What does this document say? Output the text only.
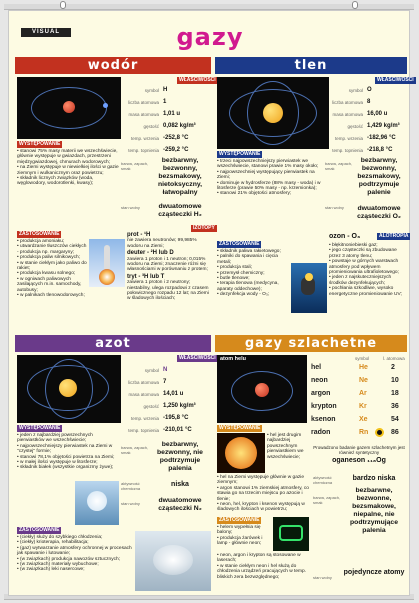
VISUAL	gazy
wodór
WŁAŚCIWOŚCI
symbol H
liczba atomowa 1
masa atomowa 1,01 u
gęstość 0,082 kg/m³
temp. wrzenia -252,8 °C
temp. topnienia -259,2 °C
barwa, zapach, smak
bezbarwny, bezwonny, bezsmakowy, nietoksyczny, łatwopalny
stan wolny	dwuatomowe cząsteczki H₂
WYSTĘPOWANIE
• stanowi 75% masy materii we wszechświecie, głównie występuje w gwiazdach, przestrzeni międzygwiazdowej, chmurach wodorowych;
• na Ziemi występuje w niewielkiej ilości w gazie ziemnym i wulkanicznym oraz powietrzu;
• składnik licznych związków (woda, węglowodory, wodorotlenki, kwasy);
ZASTOSOWANIE
• produkcja amoniaku;
• utwardzanie tłuszczów ciekłych - produkcja np. margaryny;
• produkcja paliw silnikowych;
• w stanie ciekłym jako paliwo do rakiet;
• produkcja kwasu solnego;
• w ogniwach paliwowych zasilających m.in. samochody, autobusy;
• w palnikach tlenowodorowych;
IZOTOPY
prot - ¹H
nie zawiera neutronów; 99,985% wodoru na Ziemi;
deuter - ²H lub D
zawiera 1 proton i 1 neutron; 0,015% wodoru na Ziemi; znaczenie różni się własnościami w porównaniu z protem;
tryt - ³H lub T
zawiera 1 proton i 2 neutrony; niestabilny, ulega rozpadowi z czasem połowicznego rozpadu 12 lat; na Ziemi w śladowych ilościach;
tlen
WŁAŚCIWOŚCI
symbol O
liczba atomowa 8
masa atomowa 16,00 u
gęstość 1,429 kg/m³
temp. wrzenia -182,96 °C
temp. topnienia -218,8 °C
barwa, zapach, smak
bezbarwny, bezwonny, bezsmakowy, podtrzymuje palenie
stan wolny	dwuatomowe cząsteczki O₂
WYSTĘPOWANIE
• trzeci najpowszechniejszy pierwiastek we wszechświecie, stanowi prawie 1% masy około;
• najpowszechniej występujący pierwiastek na Ziemi;
• dominuje w hydrosferze (88% masy - woda) i w litosferze (prawie 50% masy - np. krzemionka);
• stanowi 21% objętości atmosfery;
ZASTOSOWANIE
• składnik paliwa rakietowego;
• palniki do spawania i cięcia metali;
• produkcja stali;
• przemysł chemiczny;
• butle tlenowe;
• terapia tlenowa (medycyna, aparaty oddechowe);
• dezynfekcja wody - O₃;
ozon - O₃	ALOTROPIA
• błękitnoniebieski gaz;
• jego cząsteczki są zbudowane przez 3 atomy tlenu;
• powstaje w górnych warstwach atmosfery pod wpływem promieniowania ultrafioletowego;
• jeden z najskuteczniejszych środków dezynfekujących;
• pochłania szkodliwe, wysoko energetyczne promieniowanie UV;
azot
WŁAŚCIWOŚCI
symbol N
liczba atomowa 7
masa atomowa 14,01 u
gęstość 1,250 kg/m³
temp. wrzenia -195,8 °C
temp. topnienia -210,01 °C
barwa, zapach, smak
bezbarwny, bezwonny, nie podtrzymuje palenia
aktywność chemiczna
niska
stan wolny	dwuatomowe cząsteczki N₂
WYSTĘPOWANIE
• jeden z najbardziej powszechnych pierwiastków we wszechświecie;
• najpowszechniejszy pierwiastek na Ziemi w "czystej" formie;
• stanowi 78,1% objętości powietrza na Ziemi;
• w małej ilości występuje w litosferze;
• składnik białek (wszystkie organizmy żywe);
ZASTOSOWANIE
• (ciekły) służy do szybkiego chłodzenia;
• (ciekły) krioterapia, rehabilitacja;
• (gaz) wytwarzanie atmosfery ochronnej w procesach jak spawanie i lutowanie;
• (w związkach) produkcja nawozów sztucznych;
• (w związkach) materiały wybuchowe;
• (w związkach) leki nasercowe;
gazy szlachetne
atom helu	symbol	l. atomowa
hel	He	2
neon	Ne	10
argon	Ar	18
krypton	Kr	36
ksenon	Xe	54
radon	Rn	86
Prowadzono badanie gazem szlachetnym jest również syntetyczny
oganeson ₁₁₈Og
WYSTĘPOWANIE
• hel jest drugim najbardziej powszechnym pierwiastkiem we wszechświecie;
• hel na Ziemi występuje głównie w gazie ziemnym;
• argon stanowi 1% ziemskiej atmosfery, co stawia go na trzecim miejscu po azocie i tlenie;
• neon, hel, krypton i ksenon występują w śladowych ilościach w powietrzu;
aktywność chemiczna
bardzo niska
barwa, zapach, smak
bezbarwne, bezwonne, bezsmakowe, niepalne, nie podtrzymujące palenia
stan wolny
pojedyncze atomy
ZASTOSOWANIE
• helem wypełnia się balony;
• produkcja żarówek i lamp - głównie neon;
• neon, argon i krypton są stosowane w laserach;
• w stanie ciekłym neon i hel służą do chłodzenia urządzeń pracujących w temp. bliskich zera bezwzględnego;
